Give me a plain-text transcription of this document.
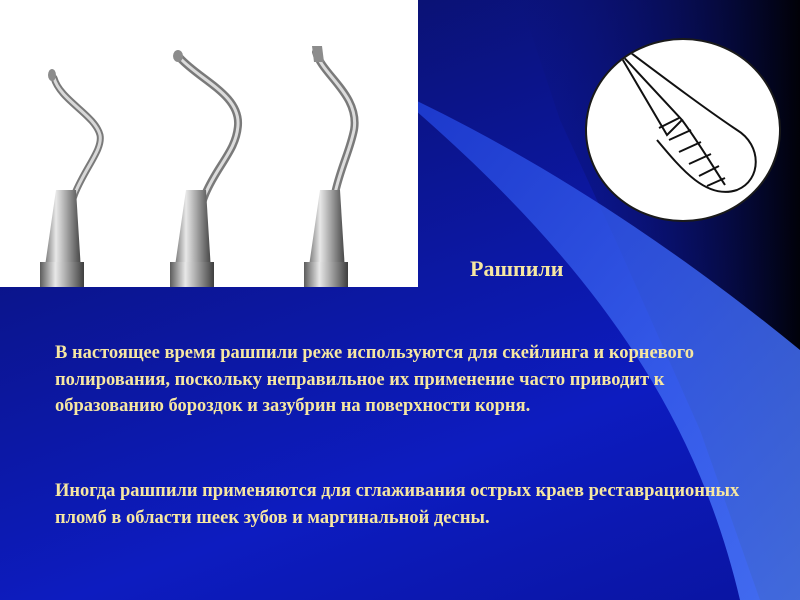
Рашпили

В настоящее время рашпили реже используются для скейлинга и корневого полирования, поскольку неправильное их применение часто приводит к образованию бороздок и зазубрин на поверхности корня.

Иногда рашпили применяются для сглаживания острых краев реставрационных пломб в области шеек зубов и маргинальной десны.
